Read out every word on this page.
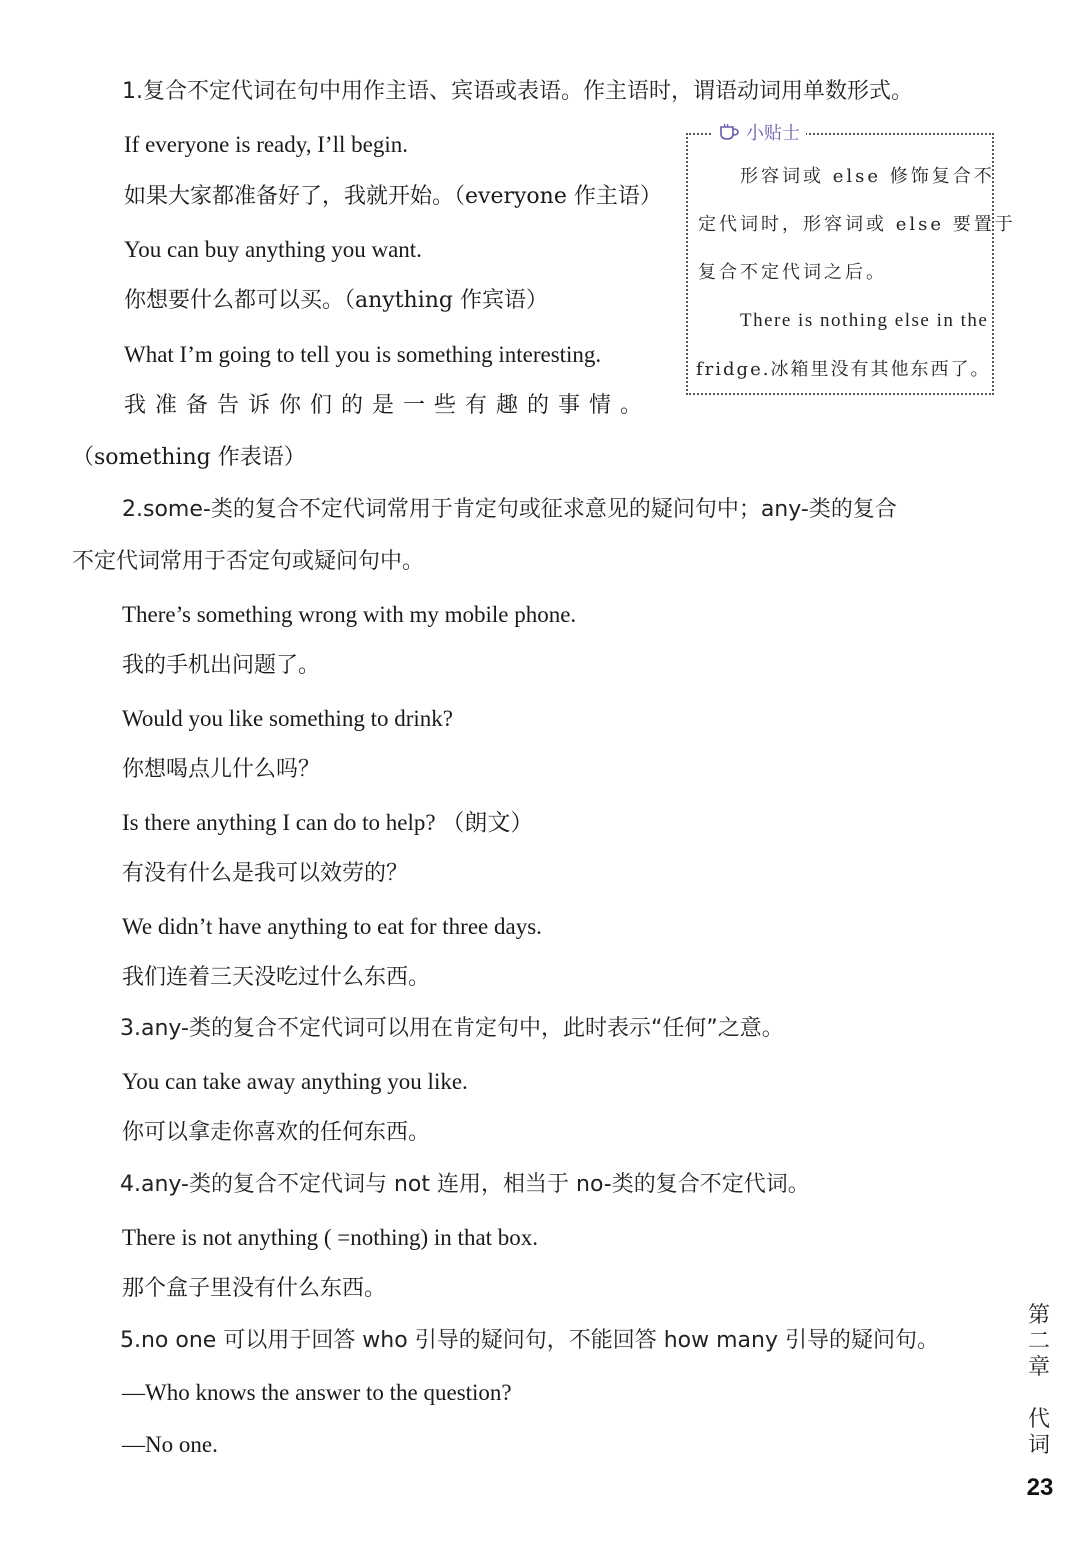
1.复合不定代词在句中用作主语、宾语或表语。作主语时，谓语动词用单数形式。
If everyone is ready, I’ll begin.
如果大家都准备好了，我就开始。（everyone 作主语）
You can buy anything you want.
你想要什么都可以买。（anything 作宾语）
What I’m going to tell you is something interesting.
我准备告诉你们的是一些有趣的事情。
（something 作表语）
小贴士
形容词或 else 修饰复合不
定代词时，形容词或 else 要置于
复合不定代词之后。
There is nothing else in the
fridge.冰箱里没有其他东西了。
2.some-类的复合不定代词常用于肯定句或征求意见的疑问句中；any-类的复合
不定代词常用于否定句或疑问句中。
There’s something wrong with my mobile phone.
我的手机出问题了。
Would you like something to drink?
你想喝点儿什么吗？
Is there anything I can do to help? （朗文）
有没有什么是我可以效劳的？
We didn’t have anything to eat for three days.
我们连着三天没吃过什么东西。
3.any-类的复合不定代词可以用在肯定句中，此时表示“任何”之意。
You can take away anything you like.
你可以拿走你喜欢的任何东西。
4.any-类的复合不定代词与 not 连用，相当于 no-类的复合不定代词。
There is not anything ( =nothing) in that box.
那个盒子里没有什么东西。
5.no one 可以用于回答 who 引导的疑问句，不能回答 how many 引导的疑问句。
—Who knows the answer to the question?
—No one.
第
二
章
代
词
23
